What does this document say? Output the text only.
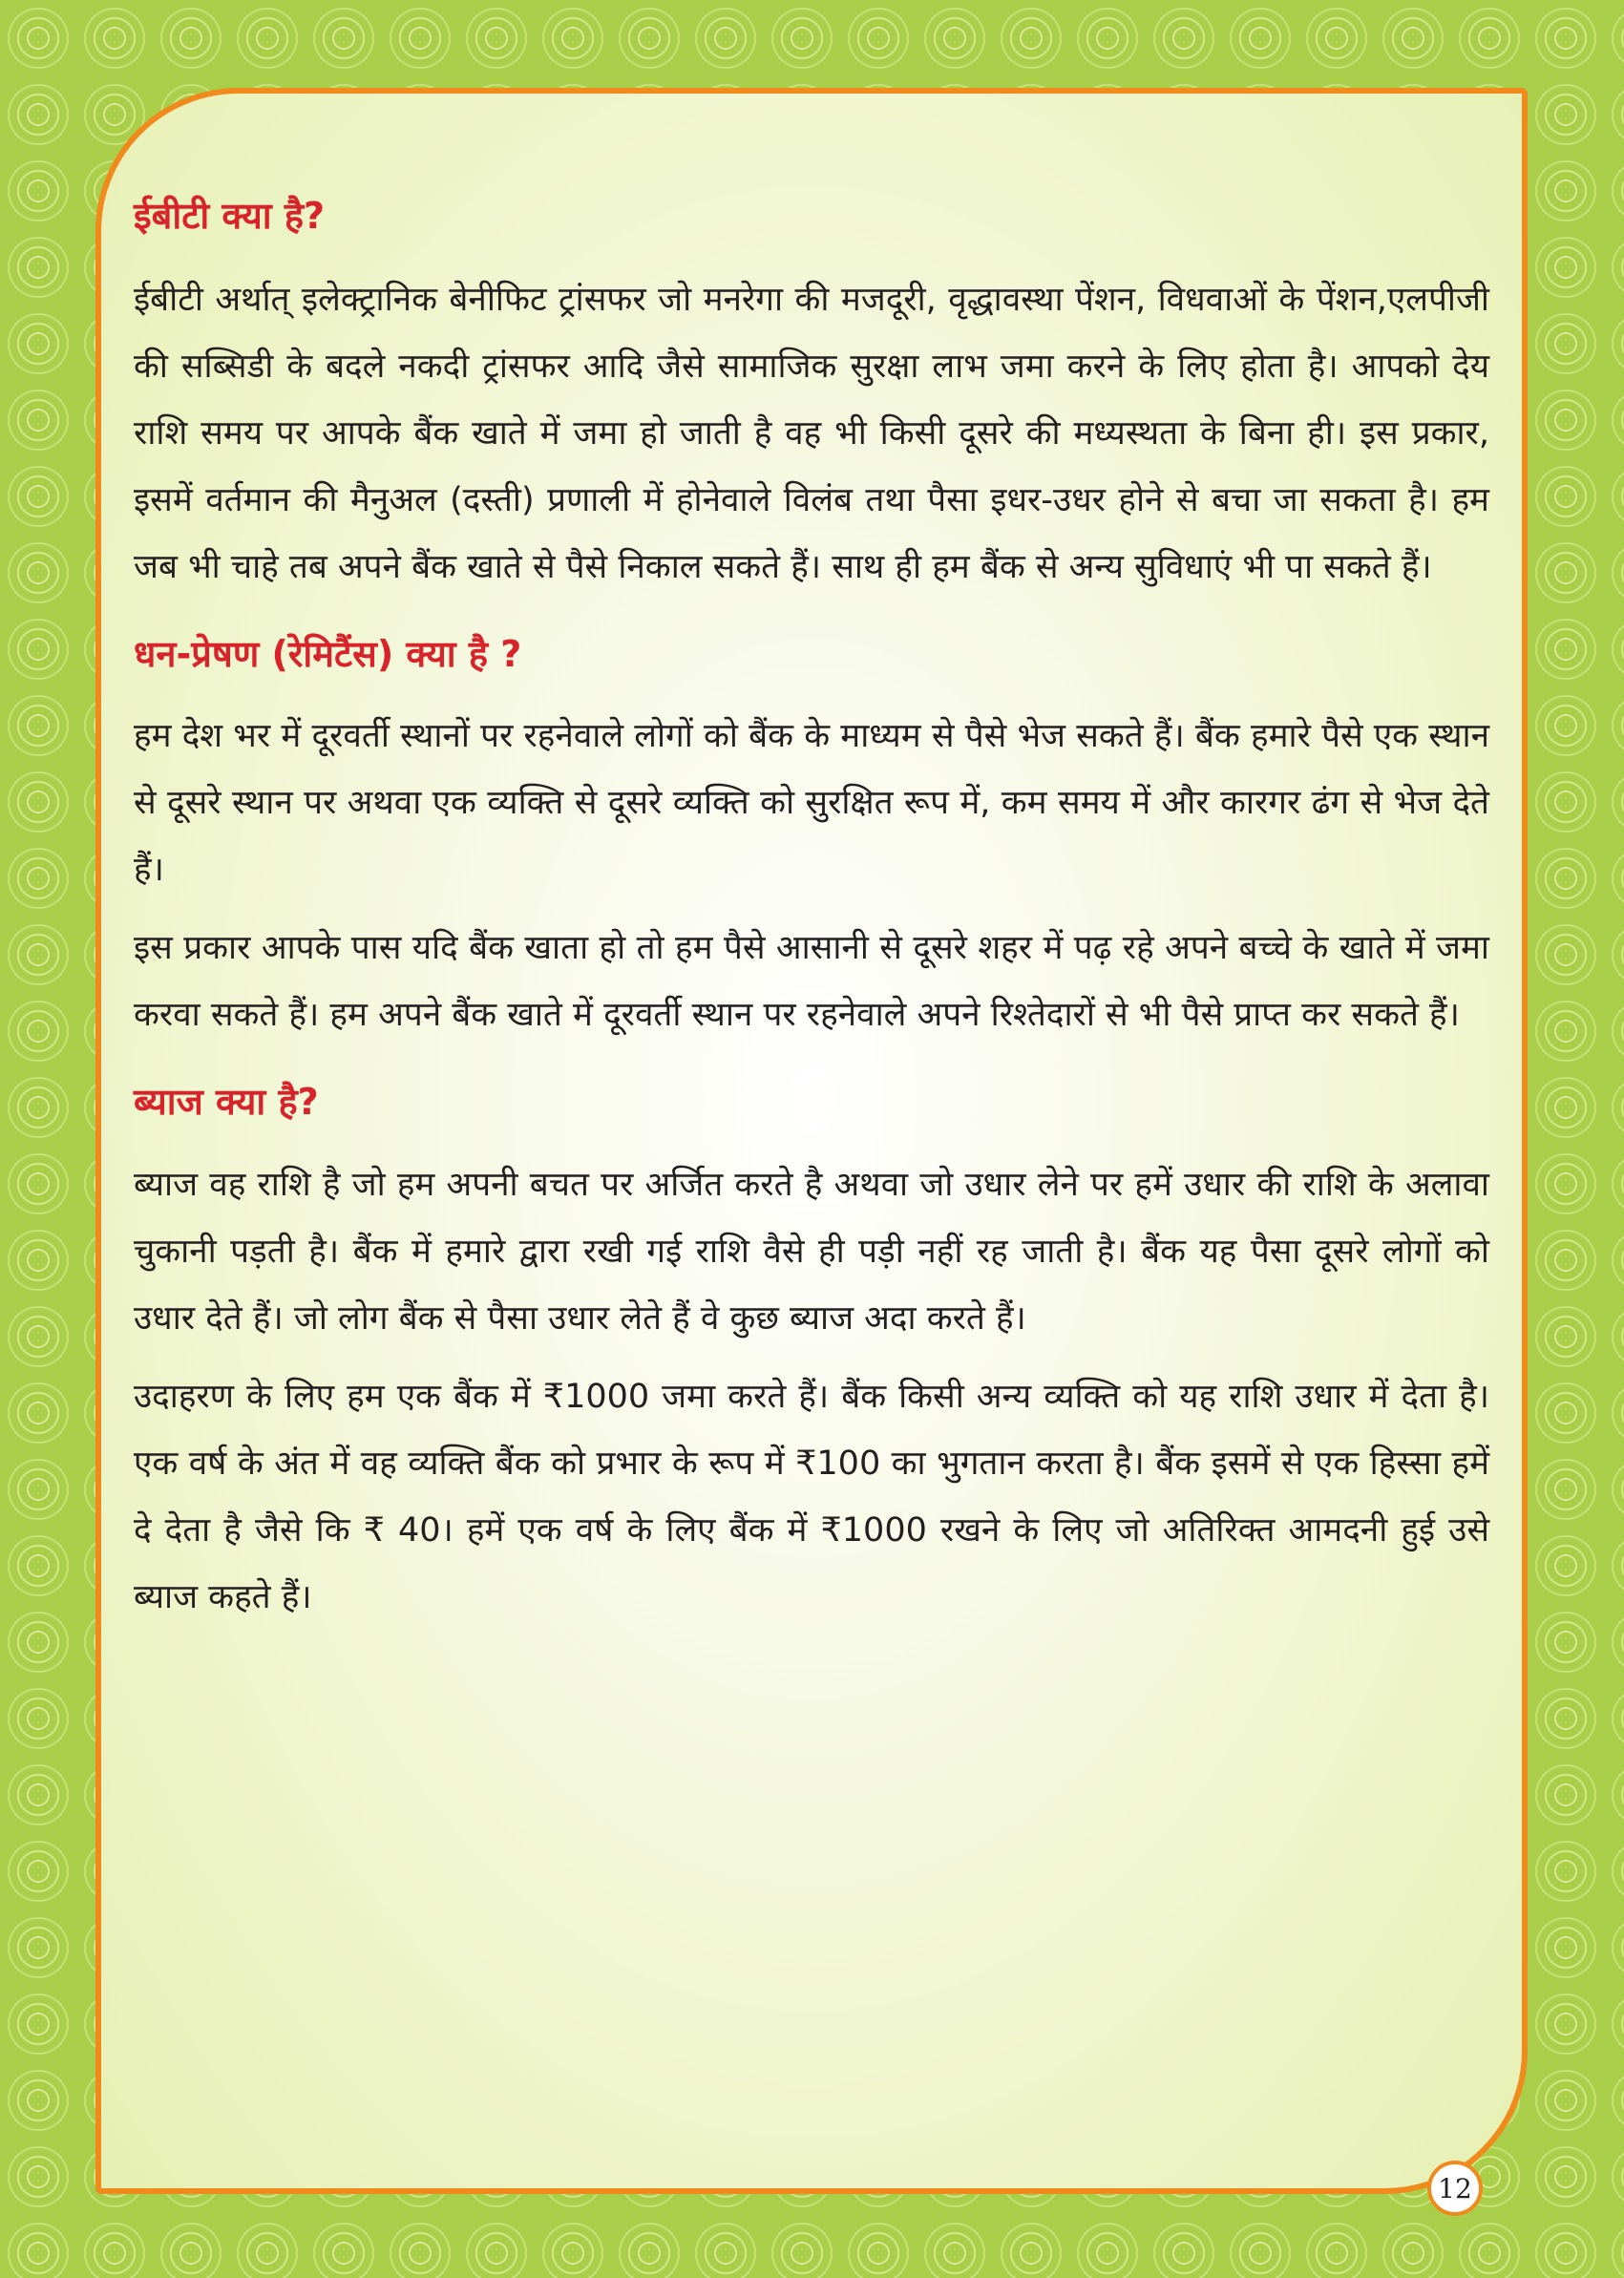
ईबीटी क्या है?

ईबीटी अर्थात् इलेक्ट्रानिक बेनीफिट ट्रांसफर जो मनरेगा की मजदूरी, वृद्धावस्था पेंशन, विधवाओं के पेंशन,एलपीजी की सब्सिडी के बदले नकदी ट्रांसफर आदि जैसे सामाजिक सुरक्षा लाभ जमा करने के लिए होता है। आपको देय राशि समय पर आपके बैंक खाते में जमा हो जाती है वह भी किसी दूसरे की मध्यस्थता के बिना ही। इस प्रकार, इसमें वर्तमान की मैनुअल (दस्ती) प्रणाली में होनेवाले विलंब तथा पैसा इधर-उधर होने से बचा जा सकता है। हम जब भी चाहे तब अपने बैंक खाते से पैसे निकाल सकते हैं। साथ ही हम बैंक से अन्य सुविधाएं भी पा सकते हैं।

धन-प्रेषण (रेमिटैंस) क्या है ?

हम देश भर में दूरवर्ती स्थानों पर रहनेवाले लोगों को बैंक के माध्यम से पैसे भेज सकते हैं। बैंक हमारे पैसे एक स्थान से दूसरे स्थान पर अथवा एक व्यक्ति से दूसरे व्यक्ति को सुरक्षित रूप में, कम समय में और कारगर ढंग से भेज देते हैं।

इस प्रकार आपके पास यदि बैंक खाता हो तो हम पैसे आसानी से दूसरे शहर में पढ़ रहे अपने बच्चे के खाते में जमा करवा सकते हैं। हम अपने बैंक खाते में दूरवर्ती स्थान पर रहनेवाले अपने रिश्तेदारों से भी पैसे प्राप्त कर सकते हैं।

ब्याज क्या है?

ब्याज वह राशि है जो हम अपनी बचत पर अर्जित करते है अथवा जो उधार लेने पर हमें उधार की राशि के अलावा चुकानी पड़ती है। बैंक में हमारे द्वारा रखी गई राशि वैसे ही पड़ी नहीं रह जाती है। बैंक यह पैसा दूसरे लोगों को उधार देते हैं। जो लोग बैंक से पैसा उधार लेते हैं वे कुछ ब्याज अदा करते हैं।

उदाहरण के लिए हम एक बैंक में ₹1000 जमा करते हैं। बैंक किसी अन्य व्यक्ति को यह राशि उधार में देता है। एक वर्ष के अंत में वह व्यक्ति बैंक को प्रभार के रूप में ₹100 का भुगतान करता है। बैंक इसमें से एक हिस्सा हमें दे देता है जैसे कि ₹ 40। हमें एक वर्ष के लिए बैंक में ₹1000 रखने के लिए जो अतिरिक्त आमदनी हुई उसे ब्याज कहते हैं।

12
